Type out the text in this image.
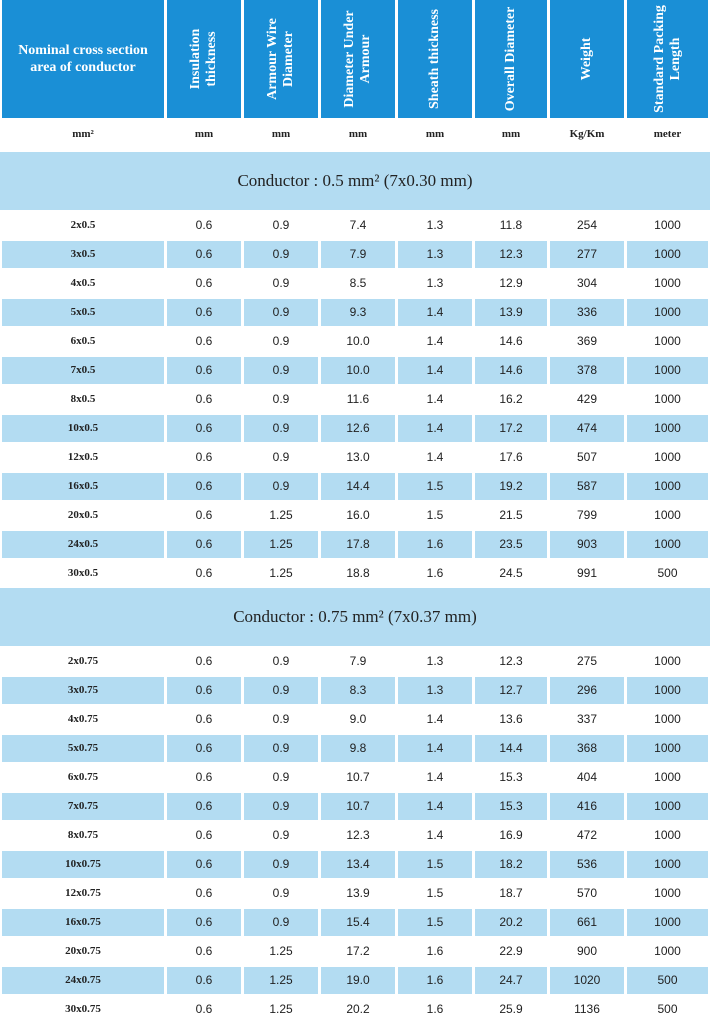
Nominal cross section area of conductor	Insulation thickness	Armour Wire Diameter	Diameter Under Armour	Sheath thickness	Overall Diameter	Weight	Standard Packing Length
mm²	mm	mm	mm	mm	mm	Kg/Km	meter
Conductor : 0.5 mm² (7x0.30 mm)
2x0.5	0.6	0.9	7.4	1.3	11.8	254	1000
3x0.5	0.6	0.9	7.9	1.3	12.3	277	1000
4x0.5	0.6	0.9	8.5	1.3	12.9	304	1000
5x0.5	0.6	0.9	9.3	1.4	13.9	336	1000
6x0.5	0.6	0.9	10.0	1.4	14.6	369	1000
7x0.5	0.6	0.9	10.0	1.4	14.6	378	1000
8x0.5	0.6	0.9	11.6	1.4	16.2	429	1000
10x0.5	0.6	0.9	12.6	1.4	17.2	474	1000
12x0.5	0.6	0.9	13.0	1.4	17.6	507	1000
16x0.5	0.6	0.9	14.4	1.5	19.2	587	1000
20x0.5	0.6	1.25	16.0	1.5	21.5	799	1000
24x0.5	0.6	1.25	17.8	1.6	23.5	903	1000
30x0.5	0.6	1.25	18.8	1.6	24.5	991	500
Conductor : 0.75 mm² (7x0.37 mm)
2x0.75	0.6	0.9	7.9	1.3	12.3	275	1000
3x0.75	0.6	0.9	8.3	1.3	12.7	296	1000
4x0.75	0.6	0.9	9.0	1.4	13.6	337	1000
5x0.75	0.6	0.9	9.8	1.4	14.4	368	1000
6x0.75	0.6	0.9	10.7	1.4	15.3	404	1000
7x0.75	0.6	0.9	10.7	1.4	15.3	416	1000
8x0.75	0.6	0.9	12.3	1.4	16.9	472	1000
10x0.75	0.6	0.9	13.4	1.5	18.2	536	1000
12x0.75	0.6	0.9	13.9	1.5	18.7	570	1000
16x0.75	0.6	0.9	15.4	1.5	20.2	661	1000
20x0.75	0.6	1.25	17.2	1.6	22.9	900	1000
24x0.75	0.6	1.25	19.0	1.6	24.7	1020	500
30x0.75	0.6	1.25	20.2	1.6	25.9	1136	500
